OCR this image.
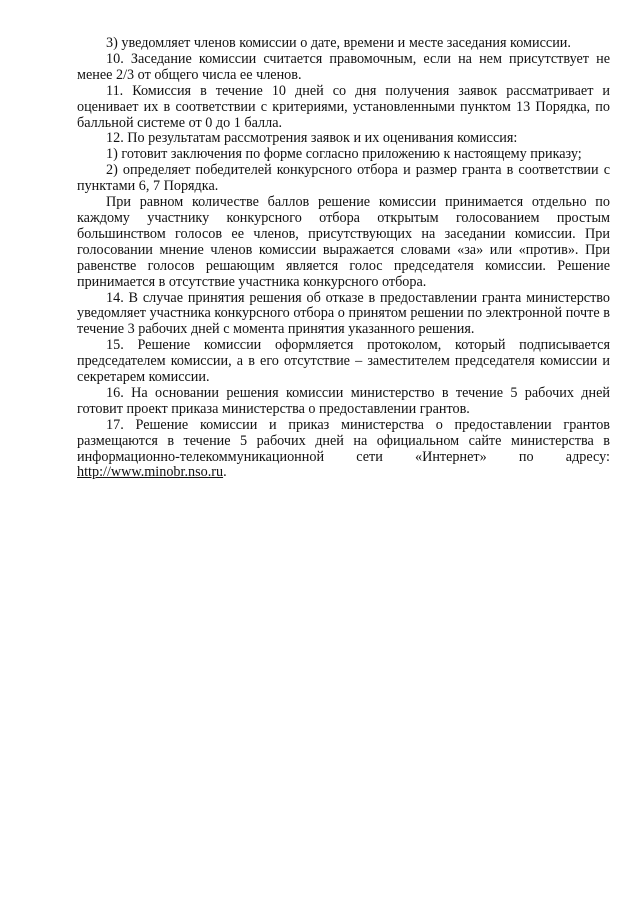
3) уведомляет членов комиссии о дате, времени и месте заседания комиссии.

10. Заседание комиссии считается правомочным, если на нем присутствует не менее 2/3 от общего числа ее членов.

11. Комиссия в течение 10 дней со дня получения заявок рассматривает и оценивает их в соответствии с критериями, установленными пунктом 13 Порядка, по балльной системе от 0 до 1 балла.

12. По результатам рассмотрения заявок и их оценивания комиссия:

1) готовит заключения по форме согласно приложению к настоящему приказу;

2) определяет победителей конкурсного отбора и размер гранта в соответствии с пунктами 6, 7 Порядка.

При равном количестве баллов решение комиссии принимается отдельно по каждому участнику конкурсного отбора открытым голосованием простым большинством голосов ее членов, присутствующих на заседании комиссии. При голосовании мнение членов комиссии выражается словами «за» или «против». При равенстве голосов решающим является голос председателя комиссии. Решение принимается в отсутствие участника конкурсного отбора.

14. В случае принятия решения об отказе в предоставлении гранта министерство уведомляет участника конкурсного отбора о принятом решении по электронной почте в течение 3 рабочих дней с момента принятия указанного решения.

15. Решение комиссии оформляется протоколом, который подписывается председателем комиссии, а в его отсутствие – заместителем председателя комиссии и секретарем комиссии.

16. На основании решения комиссии министерство в течение 5 рабочих дней готовит проект приказа министерства о предоставлении грантов.

17. Решение комиссии и приказ министерства о предоставлении грантов размещаются в течение 5 рабочих дней на официальном сайте министерства в информационно-телекоммуникационной сети «Интернет» по адресу: http://www.minobr.nso.ru.
